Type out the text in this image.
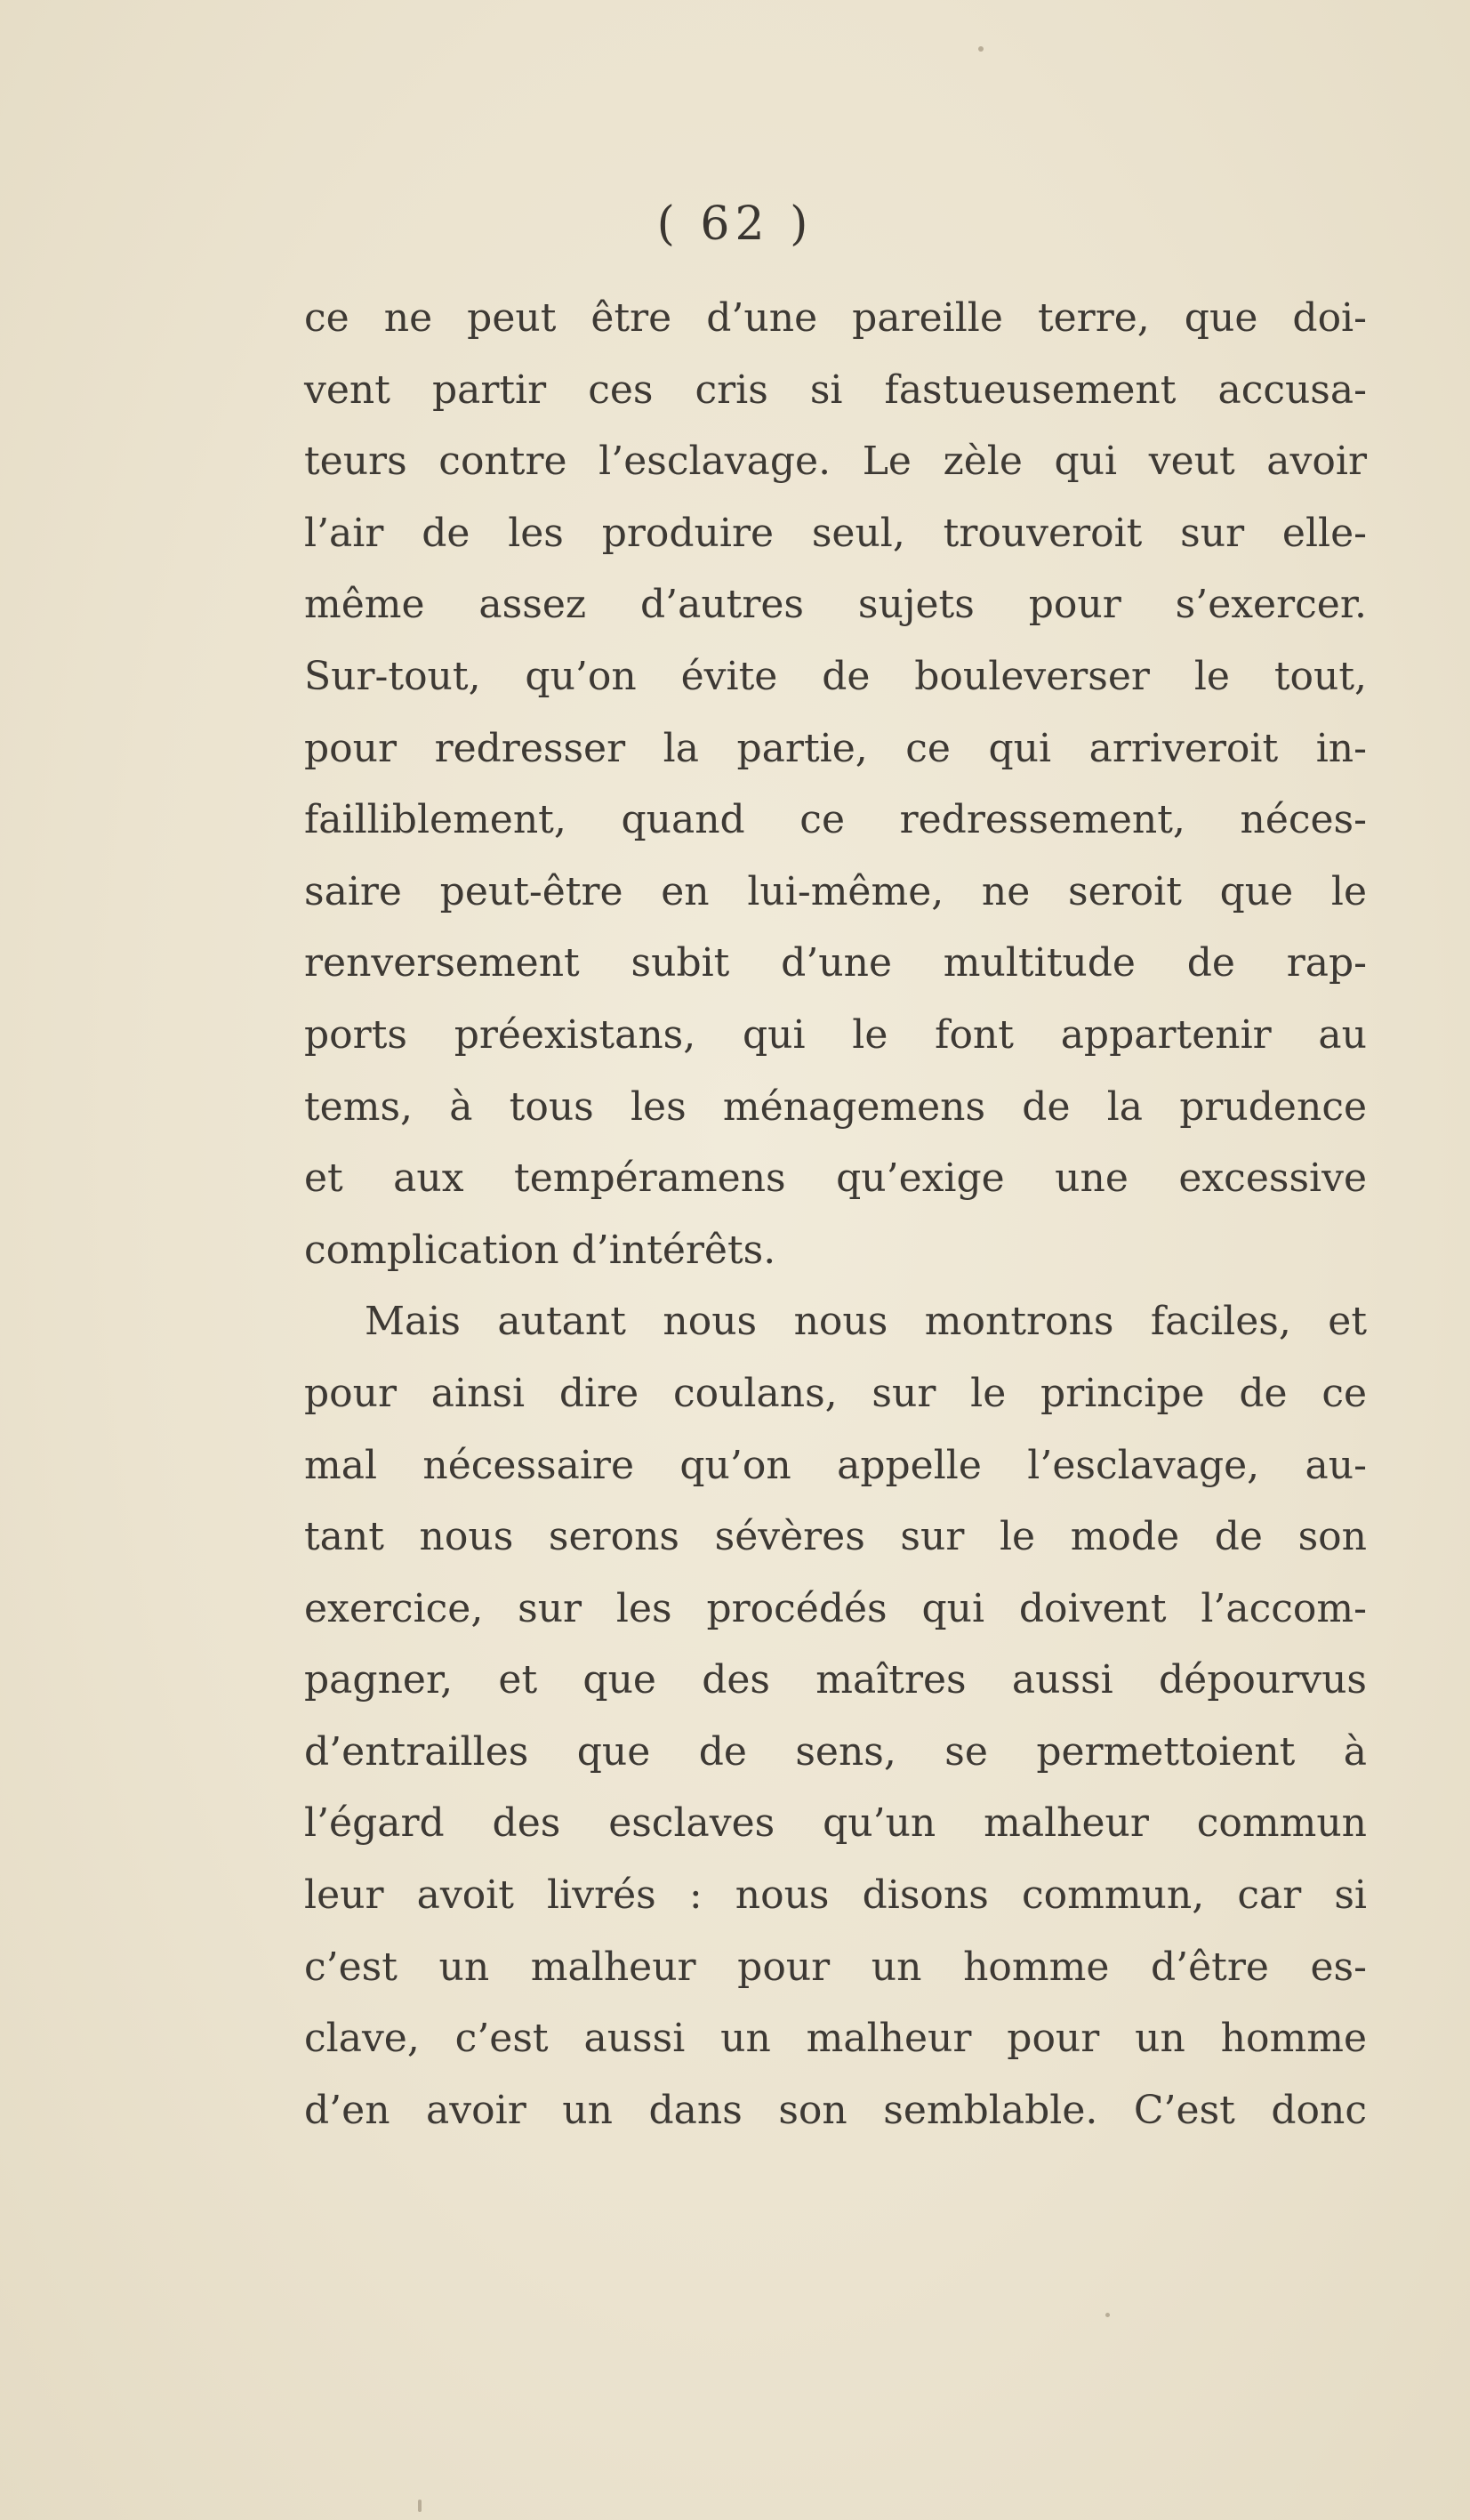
( 62 )
ce ne peut être d’une pareille terre, que doi-
vent partir ces cris si fastueusement accusa-
teurs contre l’esclavage. Le zèle qui veut avoir
l’air de les produire seul, trouveroit sur elle-
même assez d’autres sujets pour s’exercer.
Sur-tout, qu’on évite de bouleverser le tout,
pour redresser la partie, ce qui arriveroit in-
failliblement, quand ce redressement, néces-
saire peut-être en lui-même, ne seroit que le
renversement subit d’une multitude de rap-
ports préexistans, qui le font appartenir au
tems, à tous les ménagemens de la prudence
et aux tempéramens qu’exige une excessive
complication d’intérêts.
Mais autant nous nous montrons faciles, et
pour ainsi dire coulans, sur le principe de ce
mal nécessaire qu’on appelle l’esclavage, au-
tant nous serons sévères sur le mode de son
exercice, sur les procédés qui doivent l’accom-
pagner, et que des maîtres aussi dépourvus
d’entrailles que de sens, se permettoient à
l’égard des esclaves qu’un malheur commun
leur avoit livrés : nous disons commun, car si
c’est un malheur pour un homme d’être es-
clave, c’est aussi un malheur pour un homme
d’en avoir un dans son semblable. C’est donc
